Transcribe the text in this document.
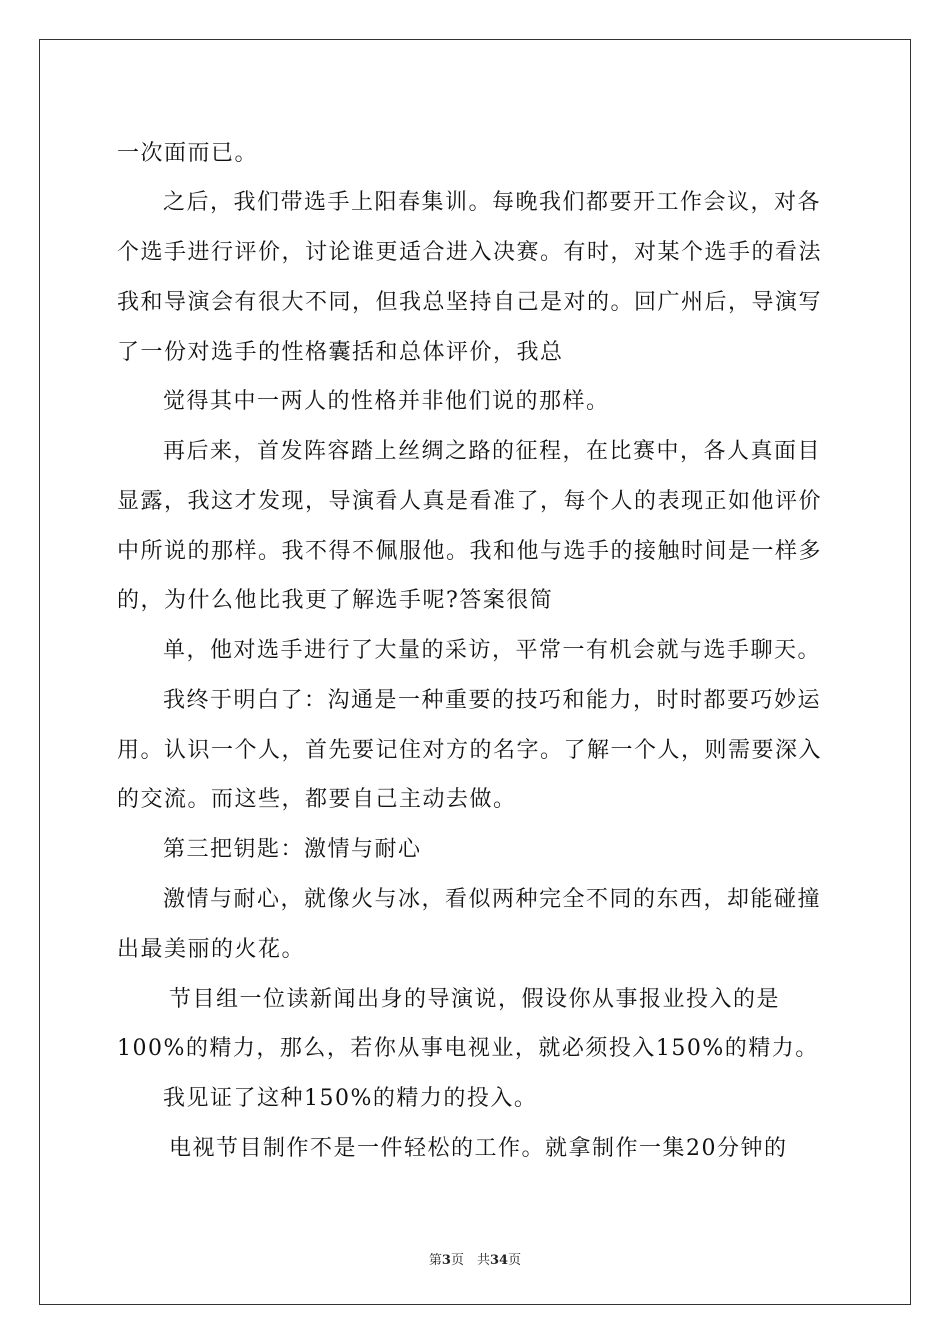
一次面而已。

之后，我们带选手上阳春集训。每晚我们都要开工作会议，对各

个选手进行评价，讨论谁更适合进入决赛。有时，对某个选手的看法

我和导演会有很大不同，但我总坚持自己是对的。回广州后，导演写

了一份对选手的性格囊括和总体评价，我总

觉得其中一两人的性格并非他们说的那样。

再后来，首发阵容踏上丝绸之路的征程，在比赛中，各人真面目

显露，我这才发现，导演看人真是看准了，每个人的表现正如他评价

中所说的那样。我不得不佩服他。我和他与选手的接触时间是一样多

的，为什么他比我更了解选手呢?答案很简

单，他对选手进行了大量的采访，平常一有机会就与选手聊天。

我终于明白了：沟通是一种重要的技巧和能力，时时都要巧妙运

用。认识一个人，首先要记住对方的名字。了解一个人，则需要深入

的交流。而这些，都要自己主动去做。

第三把钥匙：激情与耐心

激情与耐心，就像火与冰，看似两种完全不同的东西，却能碰撞

出最美丽的火花。

节目组一位读新闻出身的导演说，假设你从事报业投入的是

100%的精力，那么，若你从事电视业，就必须投入150%的精力。

我见证了这种150%的精力的投入。

电视节目制作不是一件轻松的工作。就拿制作一集20分钟的

第3页　共34页
